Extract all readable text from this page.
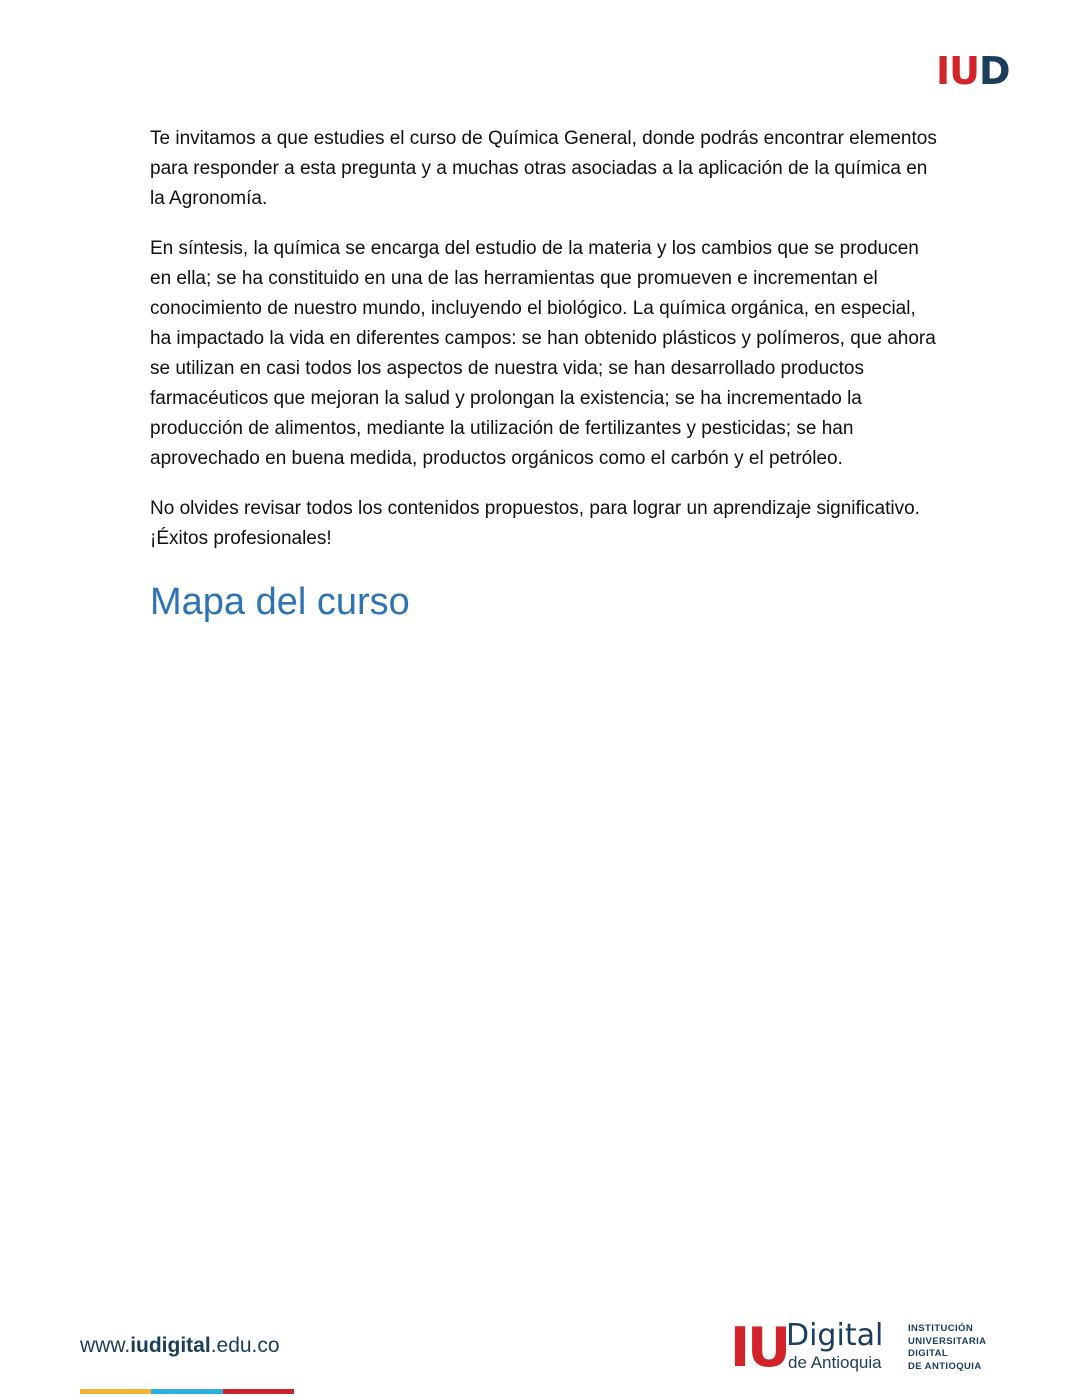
IUD

Te invitamos a que estudies el curso de Química General, donde podrás encontrar elementos para responder a esta pregunta y a muchas otras asociadas a la aplicación de la química en la Agronomía.

En síntesis, la química se encarga del estudio de la materia y los cambios que se producen en ella; se ha constituido en una de las herramientas que promueven e incrementan el conocimiento de nuestro mundo, incluyendo el biológico. La química orgánica, en especial, ha impactado la vida en diferentes campos: se han obtenido plásticos y polímeros, que ahora se utilizan en casi todos los aspectos de nuestra vida; se han desarrollado productos farmacéuticos que mejoran la salud y prolongan la existencia; se ha incrementado la producción de alimentos, mediante la utilización de fertilizantes y pesticidas; se han aprovechado en buena medida, productos orgánicos como el carbón y el petróleo.

No olvides revisar todos los contenidos propuestos, para lograr un aprendizaje significativo. ¡Éxitos profesionales!

Mapa del curso
www.iudigital.edu.co	IU
Digital
de Antioquia
INSTITUCIÓN
UNIVERSITARIA
DIGITAL
DE ANTIOQUIA
